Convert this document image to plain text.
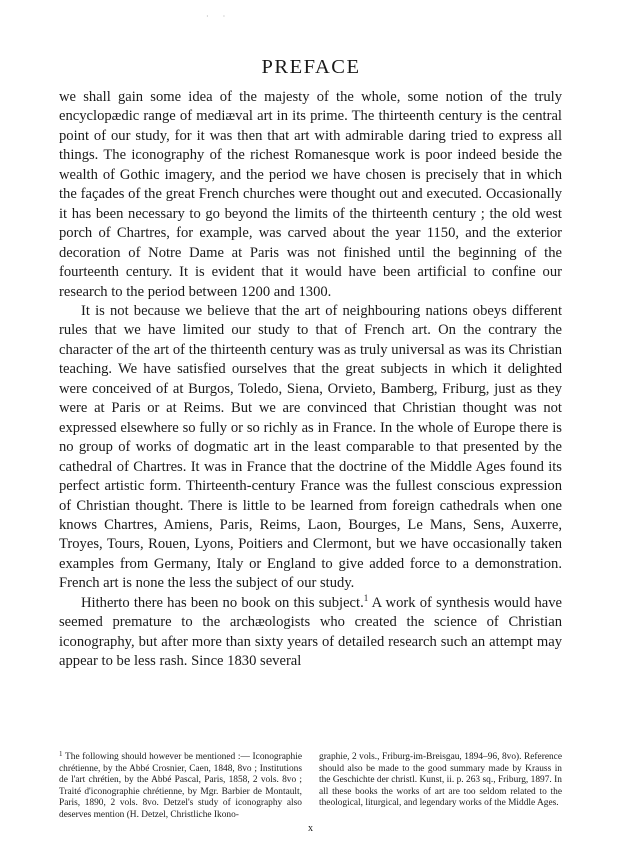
· ·
PREFACE

we shall gain some idea of the majesty of the whole, some notion of the truly encyclopædic range of mediæval art in its prime. The thirteenth century is the central point of our study, for it was then that art with admirable daring tried to express all things. The iconography of the richest Romanesque work is poor indeed beside the wealth of Gothic imagery, and the period we have chosen is precisely that in which the façades of the great French churches were thought out and executed. Occasionally it has been necessary to go beyond the limits of the thirteenth century ; the old west porch of Chartres, for example, was carved about the year 1150, and the exterior decoration of Notre Dame at Paris was not finished until the beginning of the fourteenth century. It is evident that it would have been artificial to confine our research to the period between 1200 and 1300.

It is not because we believe that the art of neighbouring nations obeys different rules that we have limited our study to that of French art. On the contrary the character of the art of the thirteenth century was as truly universal as was its Christian teaching. We have satisfied ourselves that the great subjects in which it delighted were conceived of at Burgos, Toledo, Siena, Orvieto, Bamberg, Friburg, just as they were at Paris or at Reims. But we are convinced that Christian thought was not expressed elsewhere so fully or so richly as in France. In the whole of Europe there is no group of works of dogmatic art in the least comparable to that presented by the cathedral of Chartres. It was in France that the doctrine of the Middle Ages found its perfect artistic form. Thirteenth-century France was the fullest conscious expression of Christian thought. There is little to be learned from foreign cathedrals when one knows Chartres, Amiens, Paris, Reims, Laon, Bourges, Le Mans, Sens, Auxerre, Troyes, Tours, Rouen, Lyons, Poitiers and Clermont, but we have occasionally taken examples from Germany, Italy or England to give added force to a demonstration. French art is none the less the subject of our study.

Hitherto there has been no book on this subject.$^1$ A work of synthesis would have seemed premature to the archæologists who created the science of Christian iconography, but after more than sixty years of detailed research such an attempt may appear to be less rash. Since 1830 several

$^1$ The following should however be mentioned :— Iconographie chrétienne, by the Abbé Crosnier, Caen, 1848, 8vo ; Institutions de l'art chrétien, by the Abbé Pascal, Paris, 1858, 2 vols. 8vo ; Traité d'iconographie chrétienne, by Mgr. Barbier de Montault, Paris, 1890, 2 vols. 8vo. Detzel's study of iconography also deserves mention (H. Detzel, Christliche Ikono-
graphie, 2 vols., Friburg-im-Breisgau, 1894–96, 8vo). Reference should also be made to the good summary made by Krauss in the Geschichte der christl. Kunst, ii. p. 263 sq., Friburg, 1897. In all these books the works of art are too seldom related to the theological, liturgical, and legendary works of the Middle Ages.
x
